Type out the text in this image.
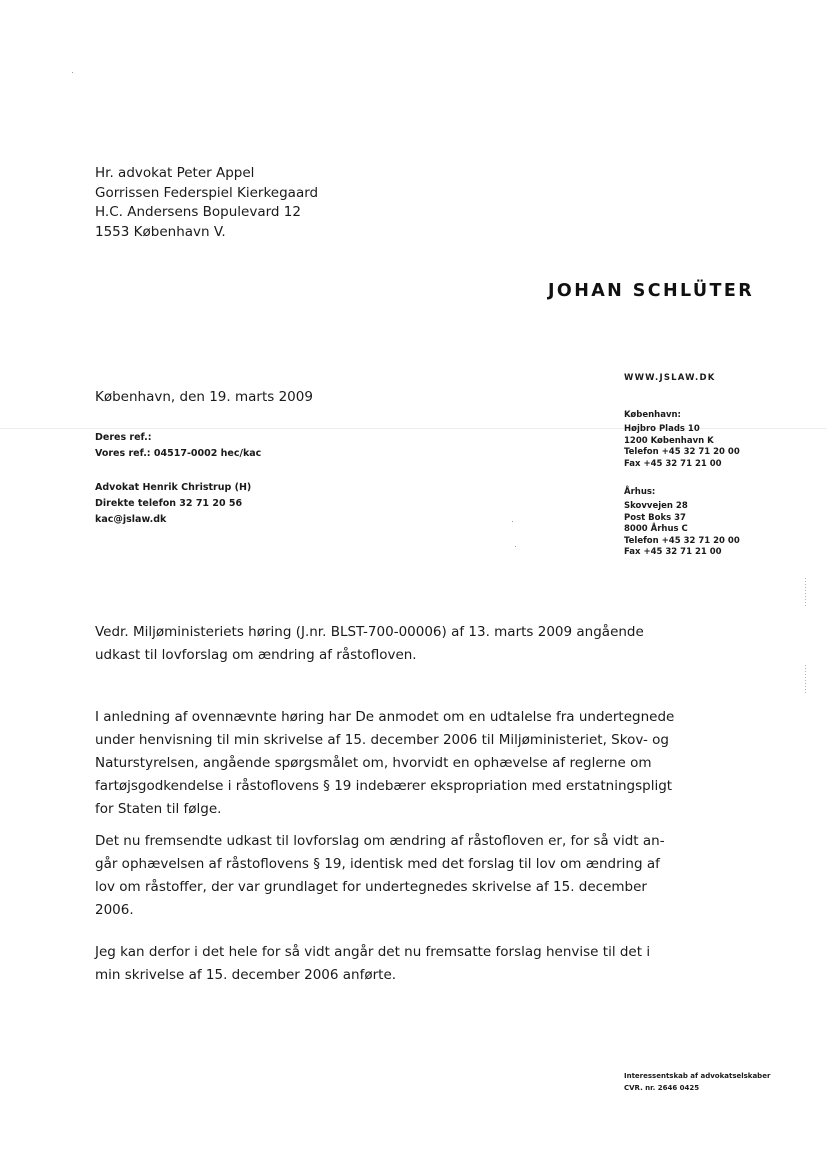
Hr. advokat Peter Appel
Gorrissen Federspiel Kierkegaard
H.C. Andersens Bopulevard 12
1553 København V.
JOHAN SCHLÜTER
WWW.JSLAW.DK
København, den 19. marts 2009
Deres ref.:
Vores ref.: 04517-0002 hec/kac
Advokat Henrik Christrup (H)
Direkte telefon 32 71 20 56
kac@jslaw.dk
København:
Højbro Plads 10
1200 København K
Telefon +45 32 71 20 00
Fax +45 32 71 21 00
Århus:
Skovvejen 28
Post Boks 37
8000 Århus C
Telefon +45 32 71 20 00
Fax +45 32 71 21 00
Vedr. Miljøministeriets høring (J.nr. BLST-700-00006) af 13. marts 2009 angående
udkast til lovforslag om ændring af råstofloven.
I anledning af ovennævnte høring har De anmodet om en udtalelse fra undertegnede
under henvisning til min skrivelse af 15. december 2006 til Miljøministeriet, Skov- og
Naturstyrelsen, angående spørgsmålet om, hvorvidt en ophævelse af reglerne om
fartøjsgodkendelse i råstoflovens § 19 indebærer ekspropriation med erstatningspligt
for Staten til følge.
Det nu fremsendte udkast til lovforslag om ændring af råstofloven er, for så vidt an-
går ophævelsen af råstoflovens § 19, identisk med det forslag til lov om ændring af
lov om råstoffer, der var grundlaget for undertegnedes skrivelse af 15. december
2006.
Jeg kan derfor i det hele for så vidt angår det nu fremsatte forslag henvise til det i
min skrivelse af 15. december 2006 anførte.
Interessentskab af advokatselskaber
CVR. nr. 2646 0425
